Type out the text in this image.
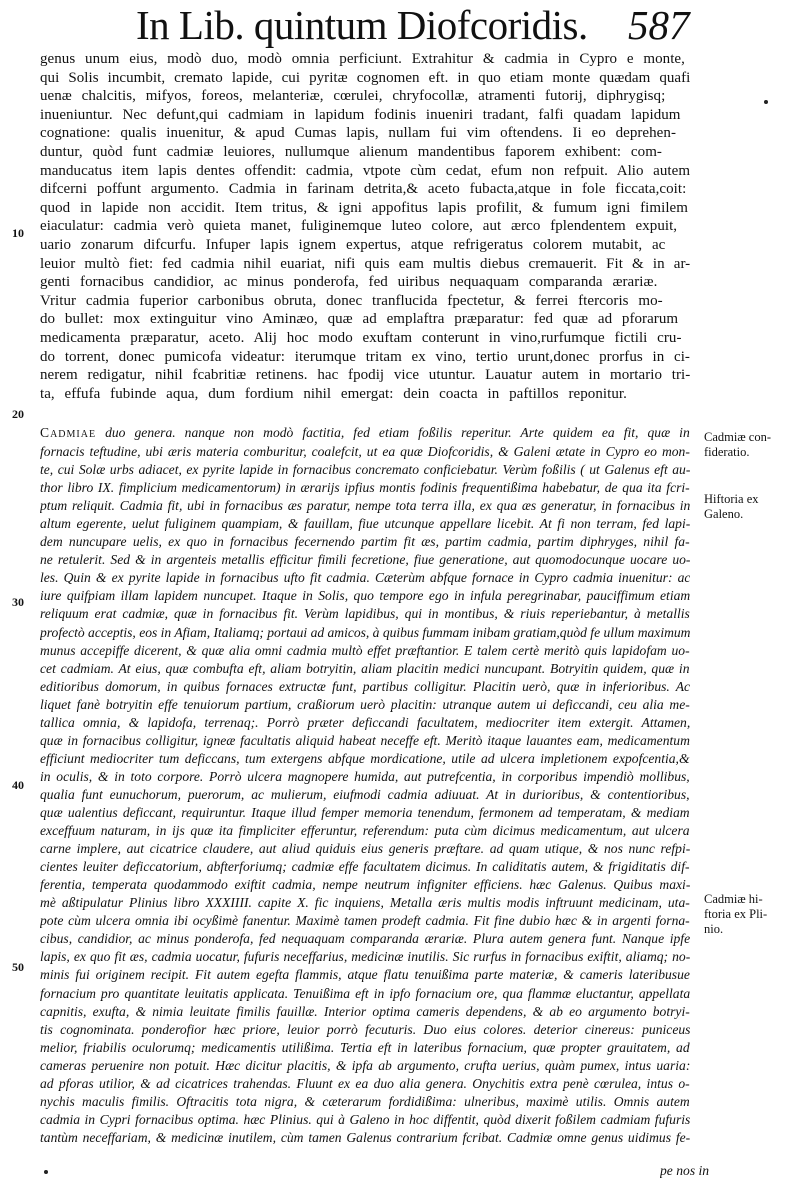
In Lib. quintum Diofcoridis. 587
genus unum eius, modò duo, modò omnia perficiunt. Extrahitur & cadmia in Cypro e monte,
qui Solis incumbit, cremato lapide, cui pyritæ cognomen eft. in quo etiam monte quædam quafi
uenæ chalcitis, mifyos, foreos, melanteriæ, cœrulei, chryfocollæ, atramenti futorij, diphrygisq;
inueniuntur. Nec defunt,qui cadmiam in lapidum fodinis inueniri tradant, falfi quadam lapidum
cognatione: qualis inuenitur, & apud Cumas lapis, nullam fui vim oftendens. Ii eo deprehen-
duntur, quòd funt cadmiæ leuiores, nullumque alienum mandentibus faporem exhibent: com-
manducatus item lapis dentes offendit: cadmia, vtpote cùm cedat, efum non refpuit. Alio autem
difcerni poffunt argumento. Cadmia in farinam detrita,& aceto fubacta,atque in fole ficcata,coit:
quod in lapide non accidit. Item tritus, & igni appofitus lapis profilit, & fumum igni fimilem
eiaculatur: cadmia verò quieta manet, fuliginemque luteo colore, aut ærco fplendentem expuit,
uario zonarum difcurfu. Infuper lapis ignem expertus, atque refrigeratus colorem mutabit, ac
leuior multò fiet: fed cadmia nihil euariat, nifi quis eam multis diebus cremauerit. Fit & in ar-
genti fornacibus candidior, ac minus ponderofa, fed uiribus nequaquam comparanda ærariæ.
Vritur cadmia fuperior carbonibus obruta, donec tranflucida fpectetur, & ferrei ftercoris mo-
do bullet: mox extinguitur vino Aminæo, quæ ad emplaftra præparatur: fed quæ ad pforarum
medicamenta præparatur, aceto. Alij hoc modo exuftam conterunt in vino,rurfumque fictili cru-
do torrent, donec pumicofa videatur: iterumque tritam ex vino, tertio urunt,donec prorfus in ci-
nerem redigatur, nihil fcabritiæ retinens. hac fpodij vice utuntur. Lauatur autem in mortario tri-
ta, effufa fubinde aqua, dum fordium nihil emergat: dein coacta in paftillos reponitur.
Cadmiae duo genera. nanque non modò factitia, fed etiam foßilis reperitur. Arte quidem ea fit, quæ in
fornacis teftudine, ubi æris materia comburitur, coalefcit, ut ea quæ Diofcoridis, & Galeni ætate in Cypro eo mon-
te, cui Solæ urbs adiacet, ex pyrite lapide in fornacibus concremato conficiebatur. Verùm foßilis ( ut Galenus eft au-
thor libro IX. fimplicium medicamentorum) in ærarijs ipfius montis fodinis frequentißima habebatur, de qua ita fcri-
ptum reliquit. Cadmia fit, ubi in fornacibus æs paratur, nempe tota terra illa, ex qua æs generatur, in fornacibus in
altum egerente, uelut fuliginem quampiam, & fauillam, fiue utcunque appellare licebit. At fi non terram, fed lapi-
dem nuncupare uelis, ex quo in fornacibus fecernendo partim fit æs, partim cadmia, partim diphryges, nihil fa-
ne retulerit. Sed & in argenteis metallis efficitur fimili fecretione, fiue generatione, aut quomodocunque uocare uo-
les. Quin & ex pyrite lapide in fornacibus ufto fit cadmia. Cæterùm abfque fornace in Cypro cadmia inuenitur: ac
iure quifpiam illam lapidem nuncupet. Itaque in Solis, quo tempore ego in infula peregrinabar, pauciffimum etiam
reliquum erat cadmiæ, quæ in fornacibus fit. Verùm lapidibus, qui in montibus, & riuis reperiebantur, à metallis
profectò acceptis, eos in Afiam, Italiamq; portaui ad amicos, à quibus fummam inibam gratiam,quòd fe ullum maximum
munus accepiffe dicerent, & quæ alia omni cadmia multò effet præftantior. E talem certè meritò quis lapidofam uo-
cet cadmiam. At eius, quæ combufta eft, aliam botryitin, aliam placitin medici nuncupant. Botryitin quidem, quæ in
editioribus domorum, in quibus fornaces extructæ funt, partibus colligitur. Placitin uerò, quæ in inferioribus. Ac
liquet fanè botryitin effe tenuiorum partium, craßiorum uerò placitin: utranque autem ui deficcandi, ceu alia me-
tallica omnia, & lapidofa, terrenaq;. Porrò præter deficcandi facultatem, mediocriter item extergit. Attamen,
quæ in fornacibus colligitur, igneæ facultatis aliquid habeat neceffe eft. Meritò itaque lauantes eam, medicamentum
efficiunt mediocriter tum deficcans, tum extergens abfque mordicatione, utile ad ulcera impletionem expofcentia,&
in oculis, & in toto corpore. Porrò ulcera magnopere humida, aut putrefcentia, in corporibus impendiò mollibus,
qualia funt eunuchorum, puerorum, ac mulierum, eiufmodi cadmia adiuuat. At in durioribus, & contentioribus,
quæ ualentius deficcant, requiruntur. Itaque illud femper memoria tenendum, fermonem ad temperatam, & mediam
exceffuum naturam, in ijs quæ ita fimpliciter efferuntur, referendum: puta cùm dicimus medicamentum, aut ulcera
carne implere, aut cicatrice claudere, aut aliud quiduis eius generis præftare. ad quam utique, & nos nunc refpi-
cientes leuiter deficcatorium, abfterforiumq; cadmiæ effe facultatem dicimus. In caliditatis autem, & frigiditatis dif-
ferentia, temperata quodammodo exiftit cadmia, nempe neutrum infigniter efficiens. hæc Galenus. Quibus maxi-
mè aßtipulatur Plinius libro XXXIIII. capite X. fic inquiens, Metalla æris multis modis inftruunt medicinam, uta-
pote cùm ulcera omnia ibi ocyßimè fanentur. Maximè tamen prodeft cadmia. Fit fine dubio hæc & in argenti forna-
cibus, candidior, ac minus ponderofa, fed nequaquam comparanda ærariæ. Plura autem genera funt. Nanque ipfe
lapis, ex quo fit æs, cadmia uocatur, fufuris neceffarius, medicinæ inutilis. Sic rurfus in fornacibus exiftit, aliamq; no-
minis fui originem recipit. Fit autem egefta flammis, atque flatu tenuißima parte materiæ, & cameris lateribusue
fornacium pro quantitate leuitatis applicata. Tenuißima eft in ipfo fornacium ore, qua flammæ eluctantur, appellata
capnitis, exufta, & nimia leuitate fimilis fauillæ. Interior optima cameris dependens, & ab eo argumento botryi-
tis cognominata. ponderofior hæc priore, leuior porrò fecuturis. Duo eius colores. deterior cinereus: puniceus
melior, friabilis oculorumq; medicamentis utilißima. Tertia eft in lateribus fornacium, quæ propter grauitatem, ad
cameras peruenire non potuit. Hæc dicitur placitis, & ipfa ab argumento, crufta uerius, quàm pumex, intus uaria:
ad pforas utilior, & ad cicatrices trahendas. Fluunt ex ea duo alia genera. Onychitis extra penè cœrulea, intus o-
nychis maculis fimilis. Oftracitis tota nigra, & cæterarum fordidißima: ulneribus, maximè utilis. Omnis autem
cadmia in Cypri fornacibus optima. hæc Plinius. qui à Galeno in hoc diffentit, quòd dixerit foßilem cadmiam fufuris
tantùm neceffariam, & medicinæ inutilem, cùm tamen Galenus contrarium fcribat. Cadmiæ omne genus uidimus fe-
pe nos in
10
20
30
40
50
Cadmiæ con-
fideratio.
Hiftoria ex
Galeno.
Cadmiæ hi-
ftoria ex Pli-
nio.
